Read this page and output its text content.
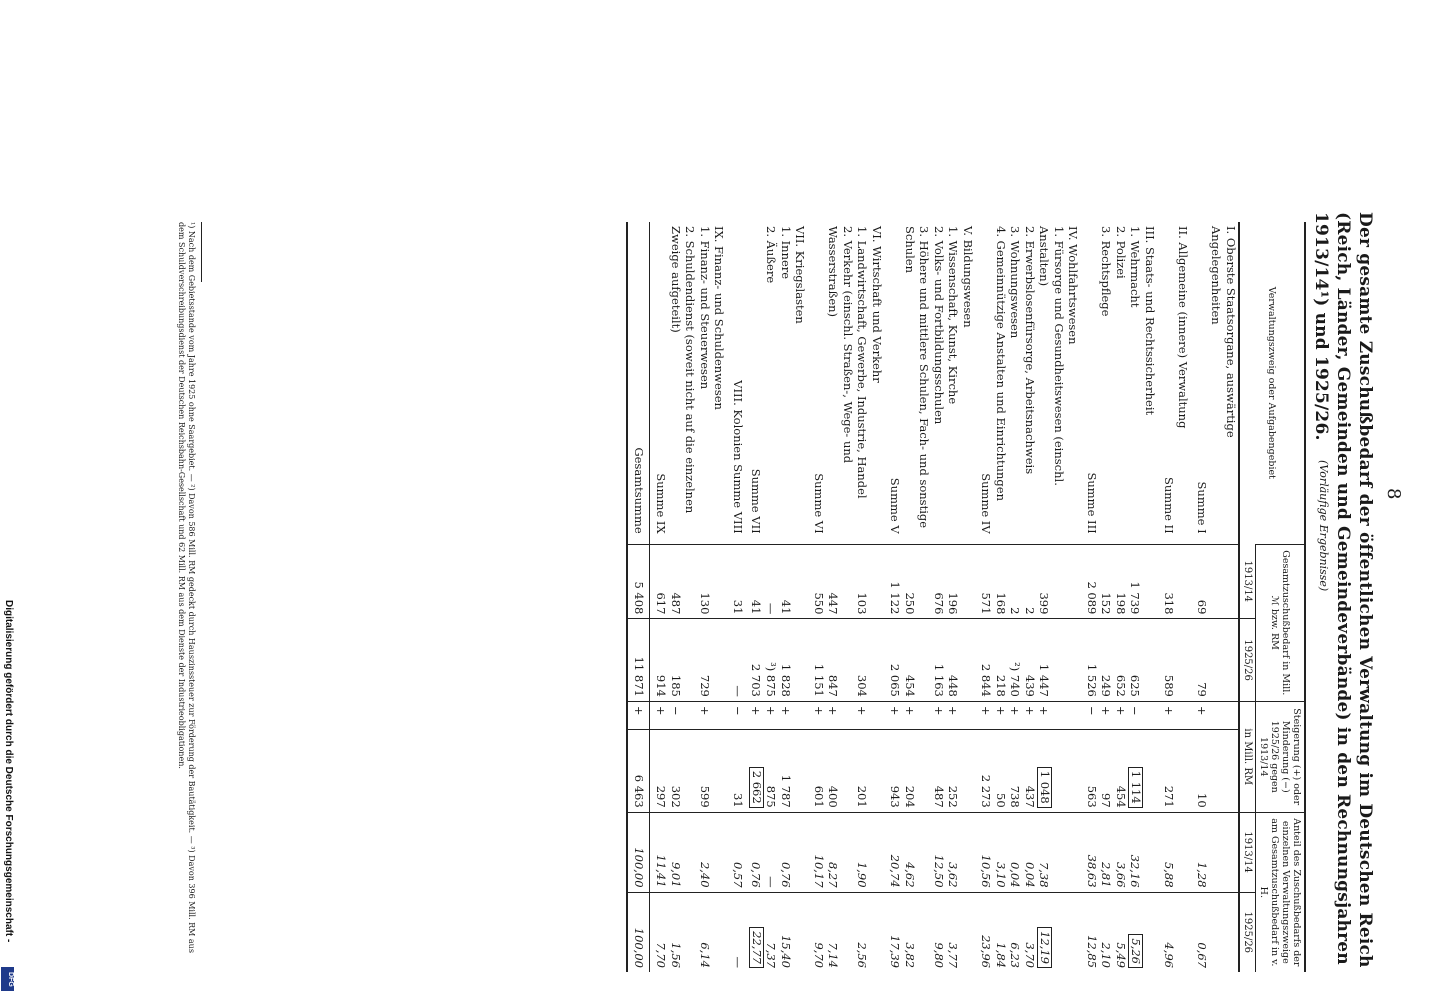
8
Der gesamte Zuschußbedarf der öffentlichen Verwaltung im Deutschen Reich (Reich, Länder, Gemeinden und Gemeindeverbände) in den Rechnungsjahren 1913/14¹) und 1925/26.
(Vorläufige Ergebnisse)
Verwaltungszweig oder Aufgabengebiet	Gesamtzuschußbedarf in Mill. ℳ bzw. RM		Steigerung (+) oder Minderung (−) 1925/26 gegen 1913/14		Anteil des Zuschußbedarfs der einzelnen Verwaltungszweige am Gesamtzuschußbedarf in v. H.	
	1913/14	1925/26	in Mill. RM		1913/14	1925/26
I. Oberste Staatsorgane, auswärtige Angelegenheiten						
Summe I	69	79	+	10	1,28	0,67
II. Allgemeine (innere) Verwaltung						
Summe II	318	589	+	271	5,88	4,96
III. Staats- und Rechtssicherheit						
1. Wehrmacht	1 739	625	−	1 114	32,16	5,26
2. Polizei	198	652	+	454	3,66	5,49
3. Rechtspflege	152	249	+	97	2,81	2,10
Summe III	2 089	1 526	−	563	38,63	12,85
IV. Wohlfahrtswesen						
1. Fürsorge und Gesundheitswesen (einschl. Anstalten)	399	1 447	+	1 048	7,38	12,19
2. Erwerbslosenfürsorge, Arbeitsnachweis	2	439	+	437	0,04	3,70
3. Wohnungswesen	2	²) 740	+	738	0,04	6,23
4. Gemeinnützige Anstalten und Einrichtungen	168	218	+	50	3,10	1,84
Summe IV	571	2 844	+	2 273	10,56	23,96
V. Bildungswesen						
1. Wissenschaft, Kunst, Kirche	196	448	+	252	3,62	3,77
2. Volks- und Fortbildungsschulen	676	1 163	+	487	12,50	9,80
3. Höhere und mittlere Schulen, Fach- und sonstige Schulen	250	454	+	204	4,62	3,82
Summe V	1 122	2 065	+	943	20,74	17,39
VI. Wirtschaft und Verkehr						
1. Landwirtschaft, Gewerbe, Industrie, Handel	103	304	+	201	1,90	2,56
2. Verkehr (einschl. Straßen-, Wege- und Wasserstraßen)	447	847	+	400	8,27	7,14
Summe VI	550	1 151	+	601	10,17	9,70
VII. Kriegslasten						
1. Innere	41	1 828	+	1 787	0,76	15,40
2. Äußere	—	³) 875	+	875	—	7,37
Summe VII	41	2 703	+	2 662	0,76	22,77
VIII. Kolonien Summe VIII	31	—	−	31	0,57	—
IX. Finanz- und Schuldenwesen						
1. Finanz- und Steuerwesen	130	729	+	599	2,40	6,14
2. Schuldendienst (soweit nicht auf die einzelnen Zweige aufgeteilt)	487	185	−	302	9,01	1,56
Summe IX	617	914	+	297	11,41	7,70
Gesamtsumme	5 408	11 871	+	6 463	100,00	100,00
¹) Nach dem Gebietsstande vom Jahre 1925 ohne Saargebiet. — ²) Davon 586 Mill. RM gedeckt durch Hauszinssteuer zur Förderung der Bautätigkeit. — ³) Davon 396 Mill. RM aus dem Schuldverschreibungsdienst der Deutschen Reichsbahn-Gesellschaft und 62 Mill. RM aus dem Dienste der Industrieobligationen.
Digitalisierung gefördert durch die Deutsche Forschungsgemeinschaft -
DFG
